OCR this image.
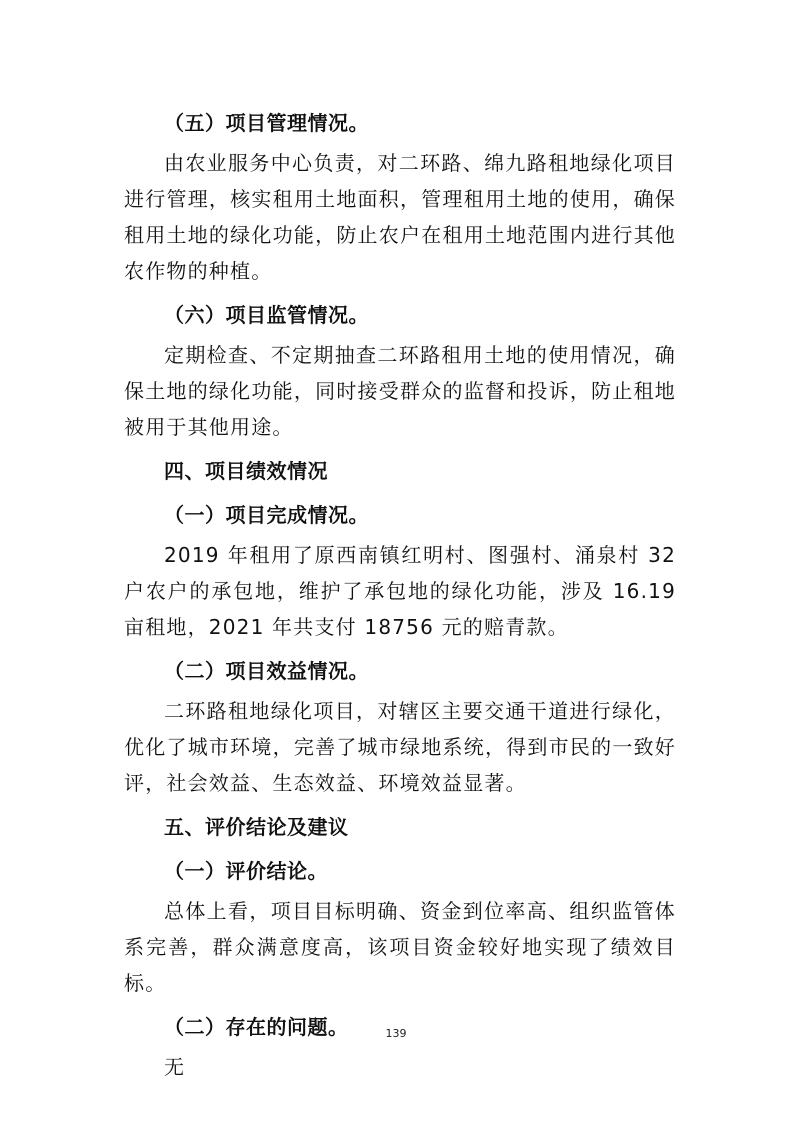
（五）项目管理情况。
由农业服务中心负责，对二环路、绵九路租地绿化项目进行管理，核实租用土地面积，管理租用土地的使用，确保租用土地的绿化功能，防止农户在租用土地范围内进行其他农作物的种植。
（六）项目监管情况。
定期检查、不定期抽查二环路租用土地的使用情况，确保土地的绿化功能，同时接受群众的监督和投诉，防止租地被用于其他用途。
四、项目绩效情况
（一）项目完成情况。
2019 年租用了原西南镇红明村、图强村、涌泉村 32 户农户的承包地，维护了承包地的绿化功能，涉及 16.19 亩租地，2021 年共支付 18756 元的赔青款。
（二）项目效益情况。
二环路租地绿化项目，对辖区主要交通干道进行绿化，优化了城市环境，完善了城市绿地系统，得到市民的一致好评，社会效益、生态效益、环境效益显著。
五、评价结论及建议
（一）评价结论。
总体上看，项目目标明确、资金到位率高、组织监管体系完善，群众满意度高，该项目资金较好地实现了绩效目标。
（二）存在的问题。
无
139
